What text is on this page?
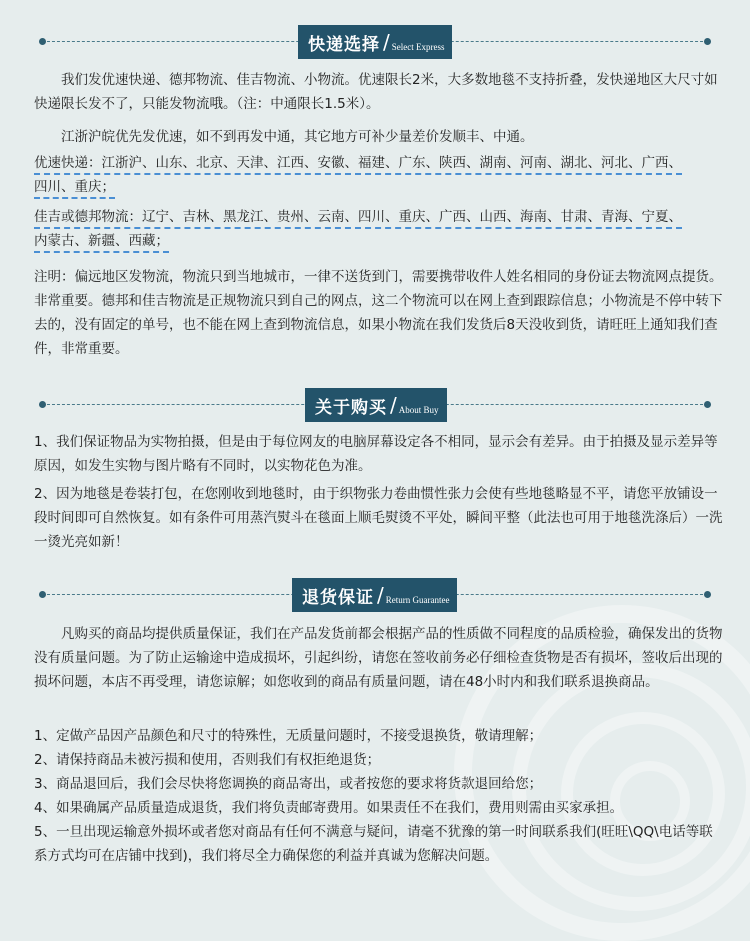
快递选择 / Select Express
我们发优速快递、德邦物流、佳吉物流、小物流。优速限长2米，大多数地毯不支持折叠，发快递地区大尺寸如快递限长发不了，只能发物流哦。（注：中通限长1.5米）。
江浙沪皖优先发优速，如不到再发中通，其它地方可补少量差价发顺丰、中通。
优速快递：江浙沪、山东、北京、天津、江西、安徽、福建、广东、陕西、湖南、河南、湖北、河北、广西、
四川、重庆；
佳吉或德邦物流：辽宁、吉林、黑龙江、贵州、云南、四川、重庆、广西、山西、海南、甘肃、青海、宁夏、
内蒙古、新疆、西藏；
注明：偏远地区发物流，物流只到当地城市，一律不送货到门，需要携带收件人姓名相同的身份证去物流网点提货。非常重要。德邦和佳吉物流是正规物流只到自己的网点，这二个物流可以在网上查到跟踪信息；小物流是不停中转下去的，没有固定的单号，也不能在网上查到物流信息，如果小物流在我们发货后8天没收到货，请旺旺上通知我们查件，非常重要。
关于购买 / About Buy
1、我们保证物品为实物拍摄，但是由于每位网友的电脑屏幕设定各不相同，显示会有差异。由于拍摄及显示差异等原因，如发生实物与图片略有不同时，以实物花色为准。
2、因为地毯是卷装打包，在您刚收到地毯时，由于织物张力卷曲惯性张力会使有些地毯略显不平，请您平放铺设一段时间即可自然恢复。如有条件可用蒸汽熨斗在毯面上顺毛熨烫不平处，瞬间平整（此法也可用于地毯洗涤后）一洗一烫光亮如新！
退货保证 / Return Guarantee
凡购买的商品均提供质量保证，我们在产品发货前都会根据产品的性质做不同程度的品质检验，确保发出的货物没有质量问题。为了防止运输途中造成损坏，引起纠纷，请您在签收前务必仔细检查货物是否有损坏，签收后出现的损坏问题，本店不再受理，请您谅解；如您收到的商品有质量问题，请在48小时内和我们联系退换商品。
1、定做产品因产品颜色和尺寸的特殊性，无质量问题时，不接受退换货，敬请理解；
2、请保持商品未被污损和使用，否则我们有权拒绝退货；
3、商品退回后，我们会尽快将您调换的商品寄出，或者按您的要求将货款退回给您；
4、如果确属产品质量造成退货，我们将负责邮寄费用。如果责任不在我们，费用则需由买家承担。
5、一旦出现运输意外损坏或者您对商品有任何不满意与疑问，请毫不犹豫的第一时间联系我们(旺旺\QQ\电话等联系方式均可在店铺中找到)，我们将尽全力确保您的利益并真诚为您解决问题。
